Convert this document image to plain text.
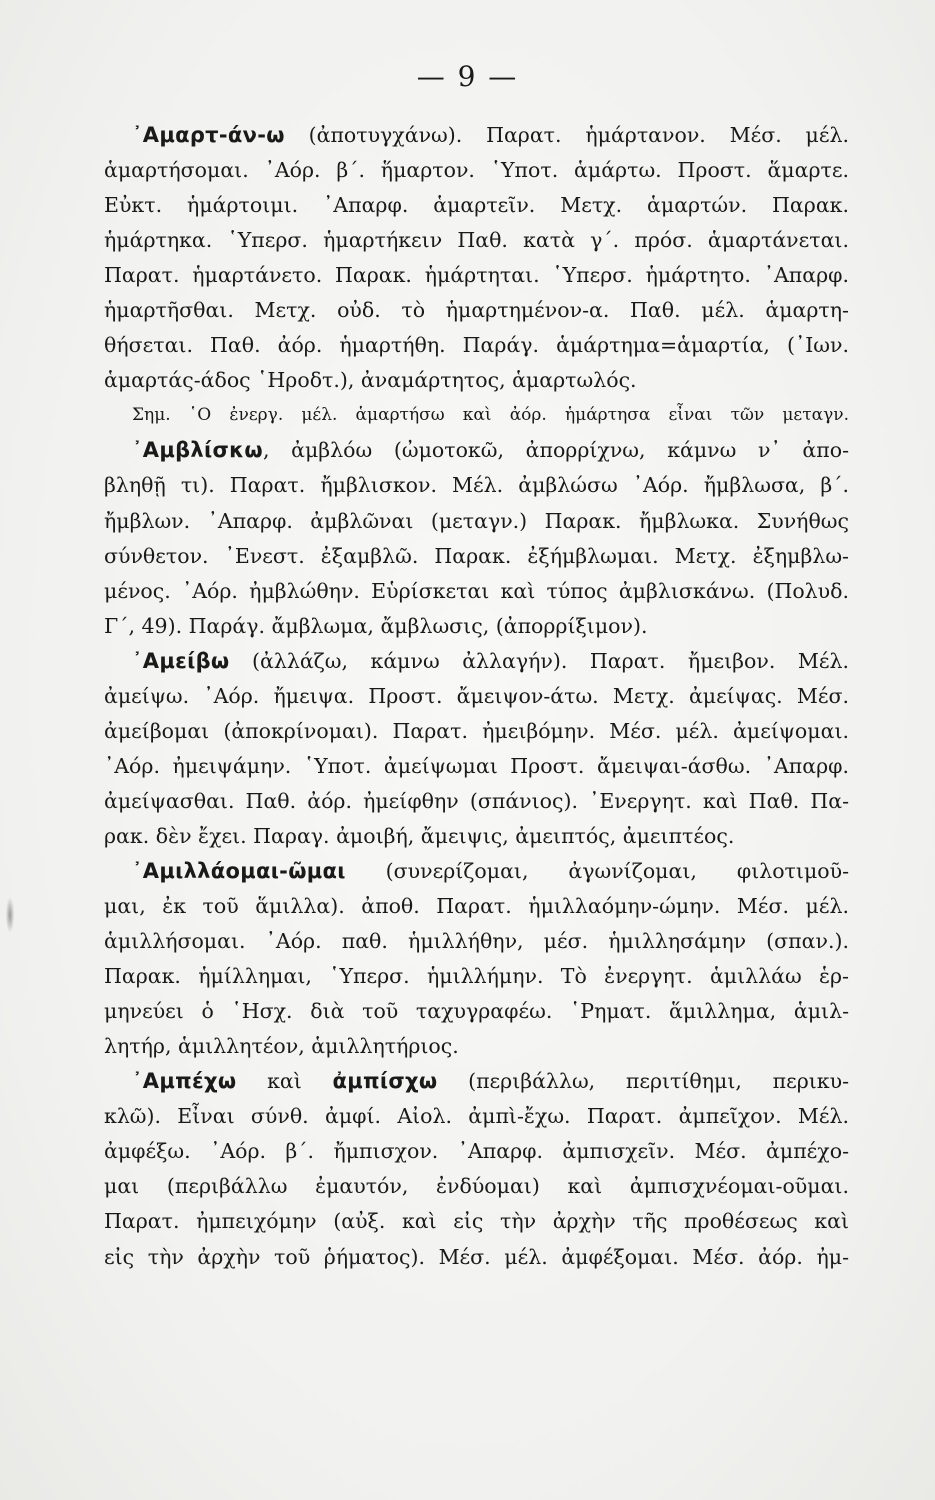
— 9 —
᾿Αμαρτ-άν-ω (ἀποτυγχάνω). Παρατ. ἡμάρτανον. Μέσ. μέλ.
ἁμαρτήσομαι. ᾿Αόρ. β΄. ἥμαρτον. ῾Υποτ. ἁμάρτω. Προστ. ἅμαρτε.
Εὐκτ. ἡμάρτοιμι. ᾿Απαρφ. ἁμαρτεῖν. Μετχ. ἁμαρτών. Παρακ.
ἡμάρτηκα. ῾Υπερσ. ἡμαρτήκειν Παθ. κατὰ γ΄. πρόσ. ἁμαρτάνεται.
Παρατ. ἡμαρτάνετο. Παρακ. ἡμάρτηται. ῾Υπερσ. ἡμάρτητο. ᾿Απαρφ.
ἡμαρτῆσθαι. Μετχ. οὐδ. τὸ ἡμαρτημένον-α. Παθ. μέλ. ἁμαρτη-
θήσεται. Παθ. ἀόρ. ἡμαρτήθη. Παράγ. ἁμάρτημα=ἁμαρτία, (᾿Ιων.
ἁμαρτάς-άδος ῾Ηροδτ.), ἀναμάρτητος, ἁμαρτωλός.
Σημ. ῾Ο ἐνεργ. μέλ. ἁμαρτήσω καὶ ἀόρ. ἡμάρτησα εἶναι τῶν μεταγν.
᾿Αμβλίσκω, ἀμβλόω (ὠμοτοκῶ, ἀπορρίχνω, κάμνω ν᾿ ἀπο-
βληθῇ τι). Παρατ. ἤμβλισκον. Μέλ. ἀμβλώσω ᾿Αόρ. ἤμβλωσα, β΄.
ἤμβλων. ᾿Απαρφ. ἀμβλῶναι (μεταγν.) Παρακ. ἤμβλωκα. Συνήθως
σύνθετον. ᾿Ενεστ. ἐξαμβλῶ. Παρακ. ἐξήμβλωμαι. Μετχ. ἐξημβλω-
μένος. ᾿Αόρ. ἠμβλώθην. Εὑρίσκεται καὶ τύπος ἀμβλισκάνω. (Πολυδ.
Γ΄, 49). Παράγ. ἄμβλωμα, ἄμβλωσις, (ἀπορρίξιμον).
᾿Αμείβω (ἀλλάζω, κάμνω ἀλλαγήν). Παρατ. ἤμειβον. Μέλ.
ἀμείψω. ᾿Αόρ. ἤμειψα. Προστ. ἄμειψον-άτω. Μετχ. ἀμείψας. Μέσ.
ἀμείβομαι (ἀποκρίνομαι). Παρατ. ἠμειβόμην. Μέσ. μέλ. ἀμείψομαι.
᾿Αόρ. ἠμειψάμην. ῾Υποτ. ἀμείψωμαι Προστ. ἄμειψαι-άσθω. ᾿Απαρφ.
ἀμείψασθαι. Παθ. ἀόρ. ἠμείφθην (σπάνιος). ᾿Ενεργητ. καὶ Παθ. Πα-
ρακ. δὲν ἔχει. Παραγ. ἀμοιβή, ἄμειψις, ἀμειπτός, ἀμειπτέος.
᾿Αμιλλάομαι-ῶμαι (συνερίζομαι, ἀγωνίζομαι, φιλοτιμοῦ-
μαι, ἐκ τοῦ ἅμιλλα). ἀποθ. Παρατ. ἡμιλλαόμην-ώμην. Μέσ. μέλ.
ἁμιλλήσομαι. ᾿Αόρ. παθ. ἡμιλλήθην, μέσ. ἡμιλλησάμην (σπαν.).
Παρακ. ἡμίλλημαι, ῾Υπερσ. ἡμιλλήμην. Τὸ ἐνεργητ. ἁμιλλάω ἑρ-
μηνεύει ὁ ῾Ησχ. διὰ τοῦ ταχυγραφέω. ῾Ρηματ. ἅμιλλημα, ἁμιλ-
λητήρ, ἁμιλλητέον, ἁμιλλητήριος.
᾿Αμπέχω καὶ ἀμπίσχω (περιβάλλω, περιτίθημι, περικυ-
κλῶ). Εἶναι σύνθ. ἀμφί. Αἰολ. ἀμπὶ-ἔχω. Παρατ. ἀμπεῖχον. Μέλ.
ἀμφέξω. ᾿Αόρ. β΄. ἤμπισχον. ᾿Απαρφ. ἀμπισχεῖν. Μέσ. ἀμπέχο-
μαι (περιβάλλω ἐμαυτόν, ἐνδύομαι) καὶ ἀμπισχνέομαι-οῦμαι.
Παρατ. ἠμπειχόμην (αὐξ. καὶ εἰς τὴν ἀρχὴν τῆς προθέσεως καὶ
εἰς τὴν ἀρχὴν τοῦ ῥήματος). Μέσ. μέλ. ἀμφέξομαι. Μέσ. ἀόρ. ἠμ-
